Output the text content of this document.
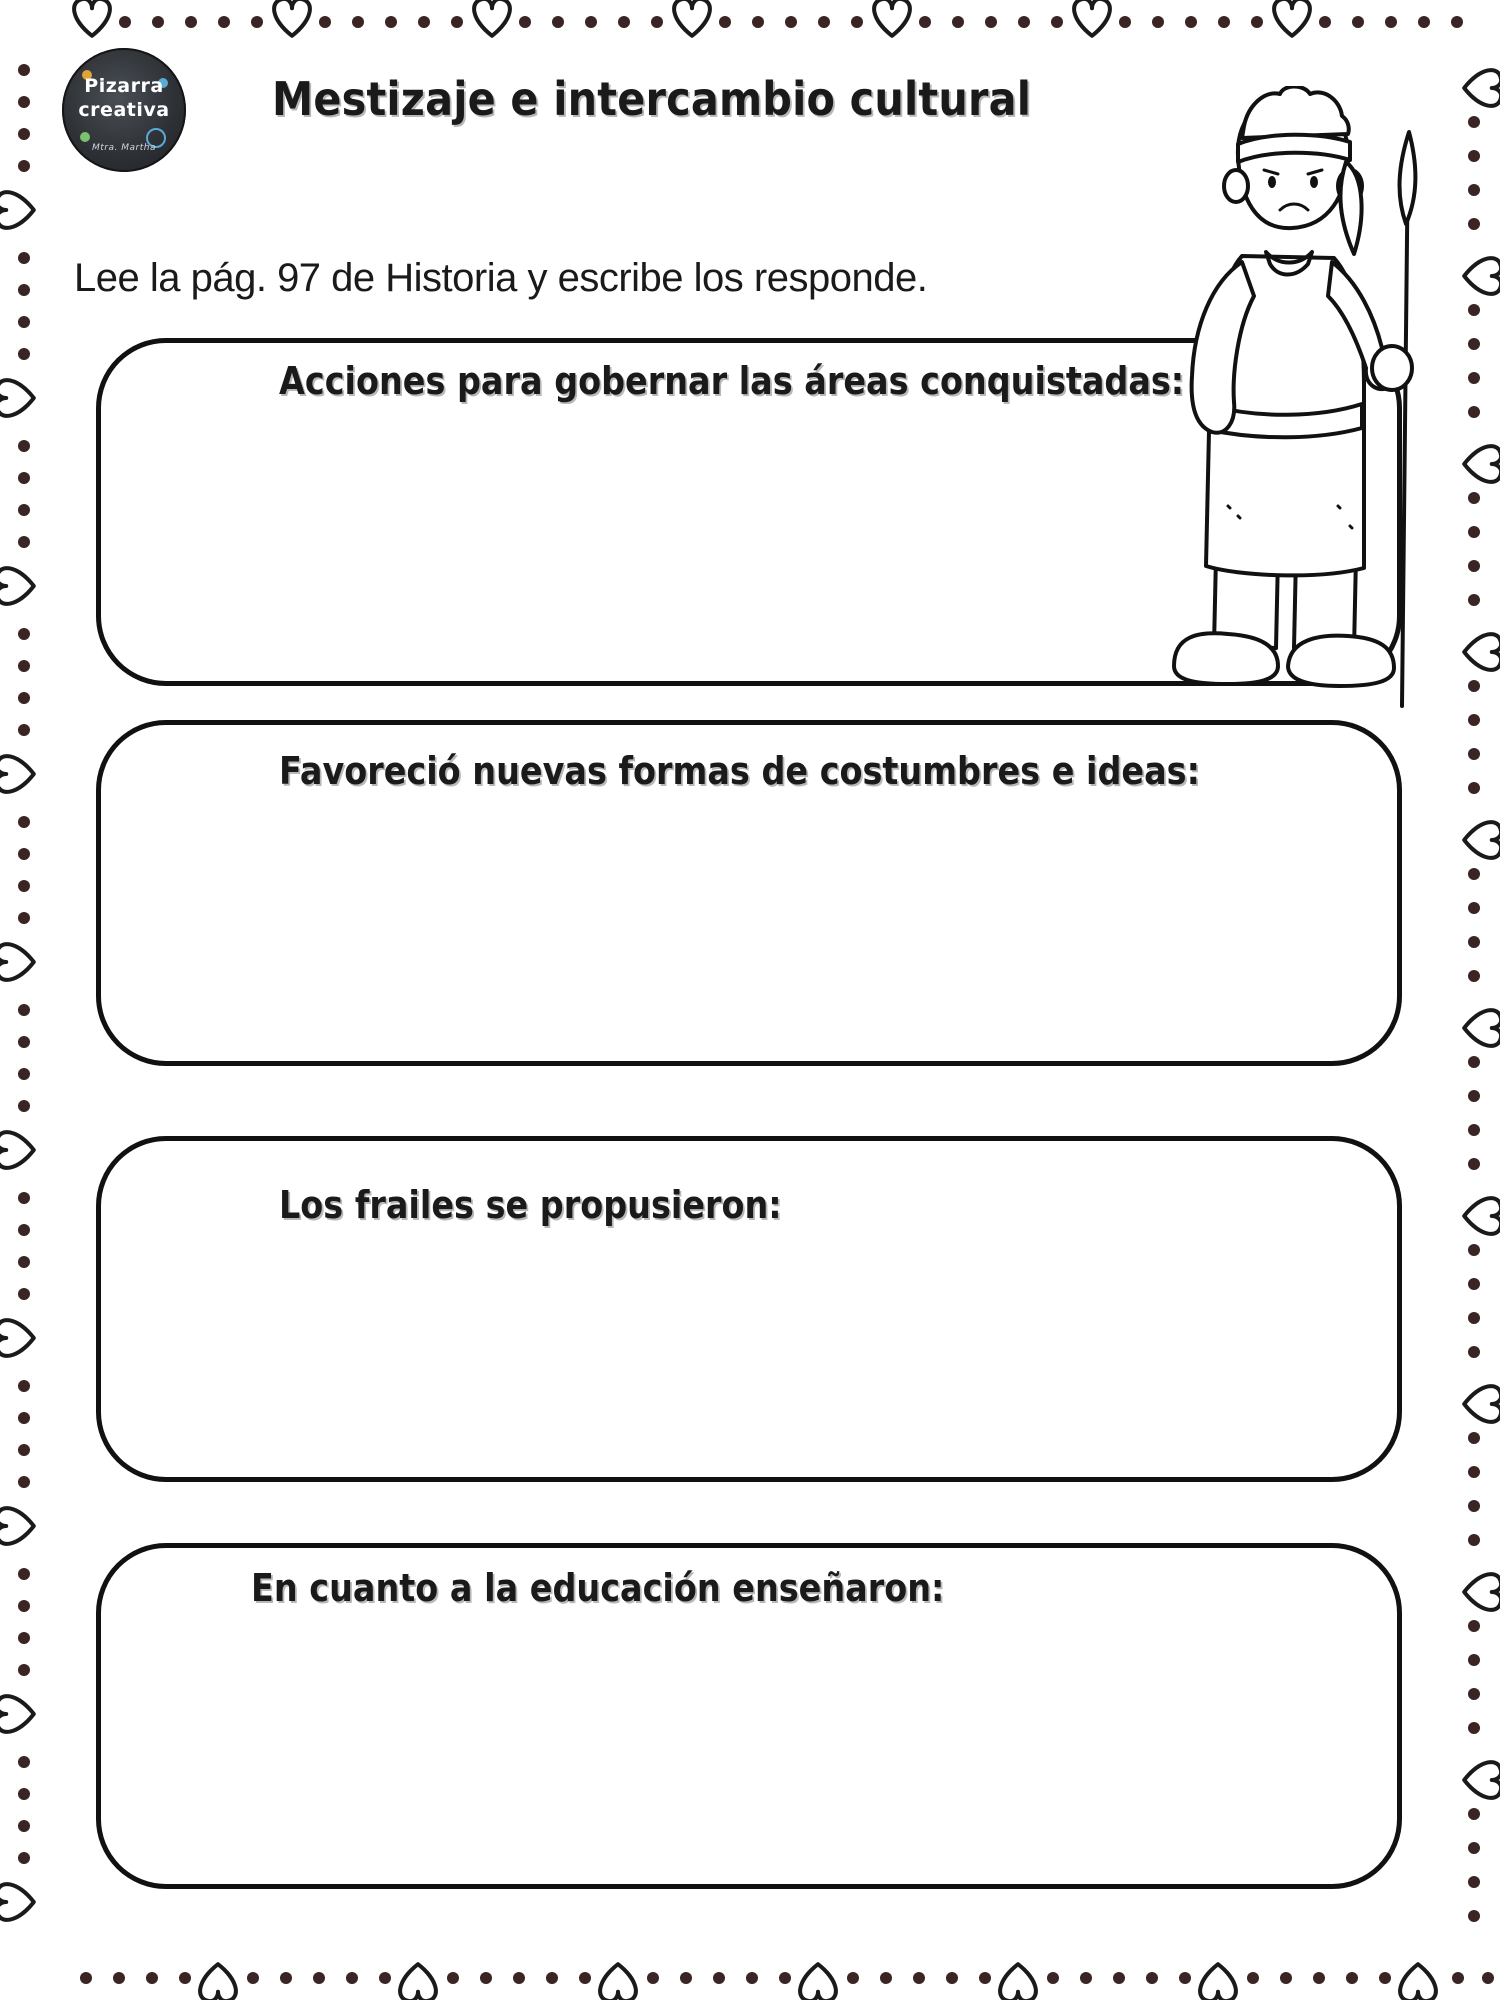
Pizarra
creativa
Mtra. Martha
Mestizaje e intercambio cultural
Lee la pág. 97 de Historia y escribe los responde.
Acciones para gobernar las áreas conquistadas:
Favoreció nuevas formas de costumbres e ideas:
Los frailes se propusieron:
En cuanto a la educación enseñaron:
